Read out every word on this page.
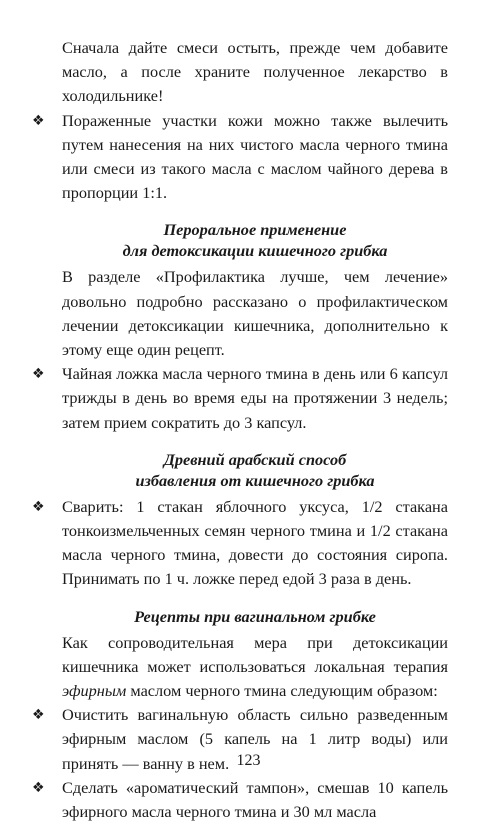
Сначала дайте смеси остыть, прежде чем добавите масло, а после храните полученное лекарство в холодильнике!

❖ Пораженные участки кожи можно также вылечить путем нанесения на них чистого масла черного тмина или смеси из такого масла с маслом чайного дерева в пропорции 1:1.
Пероральное применение
для детоксикации кишечного грибка

В разделе «Профилактика лучше, чем лечение» довольно подробно рассказано о профилактическом лечении детоксикации кишечника, дополнительно к этому еще один рецепт.

❖ Чайная ложка масла черного тмина в день или 6 капсул трижды в день во время еды на протяжении 3 недель; затем прием сократить до 3 капсул.
Древний арабский способ
избавления от кишечного грибка
❖ Сварить: 1 стакан яблочного уксуса, 1/2 стакана тонкоизмельченных семян черного тмина и 1/2 стакана масла черного тмина, довести до состояния сиропа. Принимать по 1 ч. ложке перед едой 3 раза в день.
Рецепты при вагинальном грибке

Как сопроводительная мера при детоксикации кишечника может использоваться локальная терапия эфирным маслом черного тмина следующим образом:

❖ Очистить вагинальную область сильно разведенным эфирным маслом (5 капель на 1 литр воды) или принять — ванну в нем.
❖ Сделать «ароматический тампон», смешав 10 капель эфирного масла черного тмина и 30 мл масла
123
